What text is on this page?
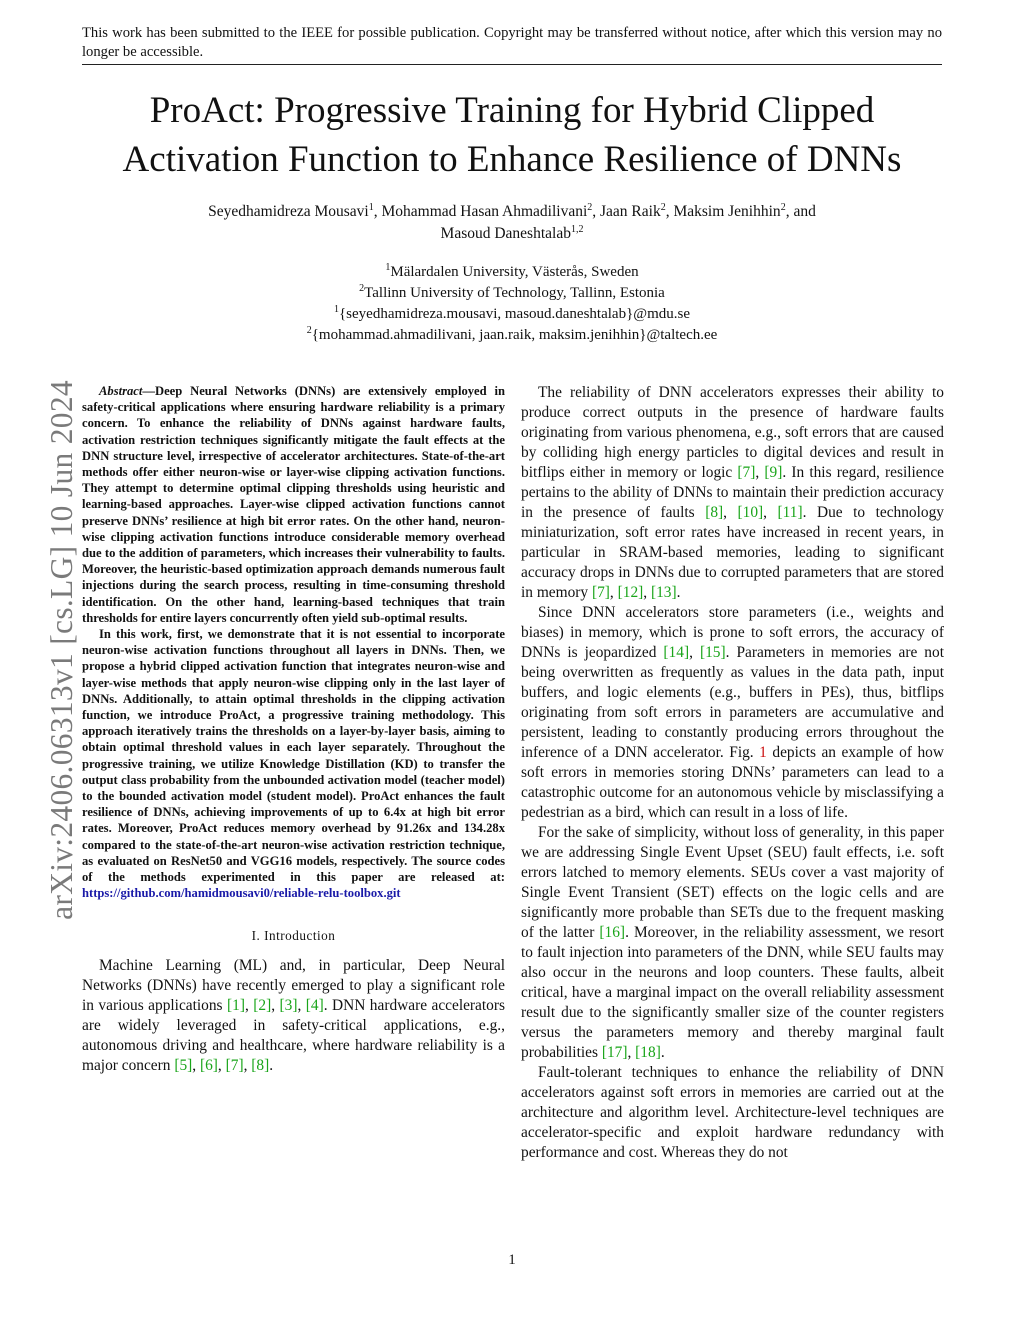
This work has been submitted to the IEEE for possible publication. Copyright may be transferred without notice, after which this version may no longer be accessible.
ProAct: Progressive Training for Hybrid Clipped
Activation Function to Enhance Resilience of DNNs
Seyedhamidreza Mousavi$^1$, Mohammad Hasan Ahmadilivani$^2$, Jaan Raik$^2$, Maksim Jenihhin$^2$, and
Masoud Daneshtalab$^{1,2}$
$^1$Mälardalen University, Västerås, Sweden
$^2$Tallinn University of Technology, Tallinn, Estonia
$^1${seyedhamidreza.mousavi, masoud.daneshtalab}@mdu.se
$^2${mohammad.ahmadilivani, jaan.raik, maksim.jenihhin}@taltech.ee
arXiv:2406.06313v1 [cs.LG] 10 Jun 2024	Abstract—Deep Neural Networks (DNNs) are extensively employed in safety-critical applications where ensuring hardware reliability is a primary concern. To enhance the reliability of DNNs against hardware faults, activation restriction techniques significantly mitigate the fault effects at the DNN structure level, irrespective of accelerator architectures. State-of-the-art methods offer either neuron-wise or layer-wise clipping activation functions. They attempt to determine optimal clipping thresholds using heuristic and learning-based approaches. Layer-wise clipped activation functions cannot preserve DNNs’ resilience at high bit error rates. On the other hand, neuron-wise clipping activation functions introduce considerable memory overhead due to the addition of parameters, which increases their vulnerability to faults. Moreover, the heuristic-based optimization approach demands numerous fault injections during the search process, resulting in time-consuming threshold identification. On the other hand, learning-based techniques that train thresholds for entire layers concurrently often yield sub-optimal results.

In this work, first, we demonstrate that it is not essential to incorporate neuron-wise activation functions throughout all layers in DNNs. Then, we propose a hybrid clipped activation function that integrates neuron-wise and layer-wise methods that apply neuron-wise clipping only in the last layer of DNNs. Additionally, to attain optimal thresholds in the clipping activation function, we introduce ProAct, a progressive training methodology. This approach iteratively trains the thresholds on a layer-by-layer basis, aiming to obtain optimal threshold values in each layer separately. Throughout the progressive training, we utilize Knowledge Distillation (KD) to transfer the output class probability from the unbounded activation model (teacher model) to the bounded activation model (student model). ProAct enhances the fault resilience of DNNs, achieving improvements of up to 6.4x at high bit error rates. Moreover, ProAct reduces memory overhead by 91.26x and 134.28x compared to the state-of-the-art neuron-wise activation restriction technique, as evaluated on ResNet50 and VGG16 models, respectively. The source codes of the methods experimented in this paper are released at: https://github.com/hamidmousavi0/reliable-relu-toolbox.git

I. Introduction

Machine Learning (ML) and, in particular, Deep Neural Networks (DNNs) have recently emerged to play a significant role in various applications [1], [2], [3], [4]. DNN hardware accelerators are widely leveraged in safety-critical applications, e.g., autonomous driving and healthcare, where hardware reliability is a major concern [5], [6], [7], [8].

The reliability of DNN accelerators expresses their ability to produce correct outputs in the presence of hardware faults originating from various phenomena, e.g., soft errors that are caused by colliding high energy particles to digital devices and result in bitflips either in memory or logic [7], [9]. In this regard, resilience pertains to the ability of DNNs to maintain their prediction accuracy in the presence of faults [8], [10], [11]. Due to technology miniaturization, soft error rates have increased in recent years, in particular in SRAM-based memories, leading to significant accuracy drops in DNNs due to corrupted parameters that are stored in memory [7], [12], [13].

Since DNN accelerators store parameters (i.e., weights and biases) in memory, which is prone to soft errors, the accuracy of DNNs is jeopardized [14], [15]. Parameters in memories are not being overwritten as frequently as values in the data path, input buffers, and logic elements (e.g., buffers in PEs), thus, bitflips originating from soft errors in parameters are accumulative and persistent, leading to constantly producing errors throughout the inference of a DNN accelerator. Fig. 1 depicts an example of how soft errors in memories storing DNNs’ parameters can lead to a catastrophic outcome for an autonomous vehicle by misclassifying a pedestrian as a bird, which can result in a loss of life.

For the sake of simplicity, without loss of generality, in this paper we are addressing Single Event Upset (SEU) fault effects, i.e. soft errors latched to memory elements. SEUs cover a vast majority of Single Event Transient (SET) effects on the logic cells and are significantly more probable than SETs due to the frequent masking of the latter [16]. Moreover, in the reliability assessment, we resort to fault injection into parameters of the DNN, while SEU faults may also occur in the neurons and loop counters. These faults, albeit critical, have a marginal impact on the overall reliability assessment result due to the significantly smaller size of the counter registers versus the parameters memory and thereby marginal fault probabilities [17], [18].

Fault-tolerant techniques to enhance the reliability of DNN accelerators against soft errors in memories are carried out at the architecture and algorithm level. Architecture-level techniques are accelerator-specific and exploit hardware redundancy with performance and cost. Whereas they do not

1
